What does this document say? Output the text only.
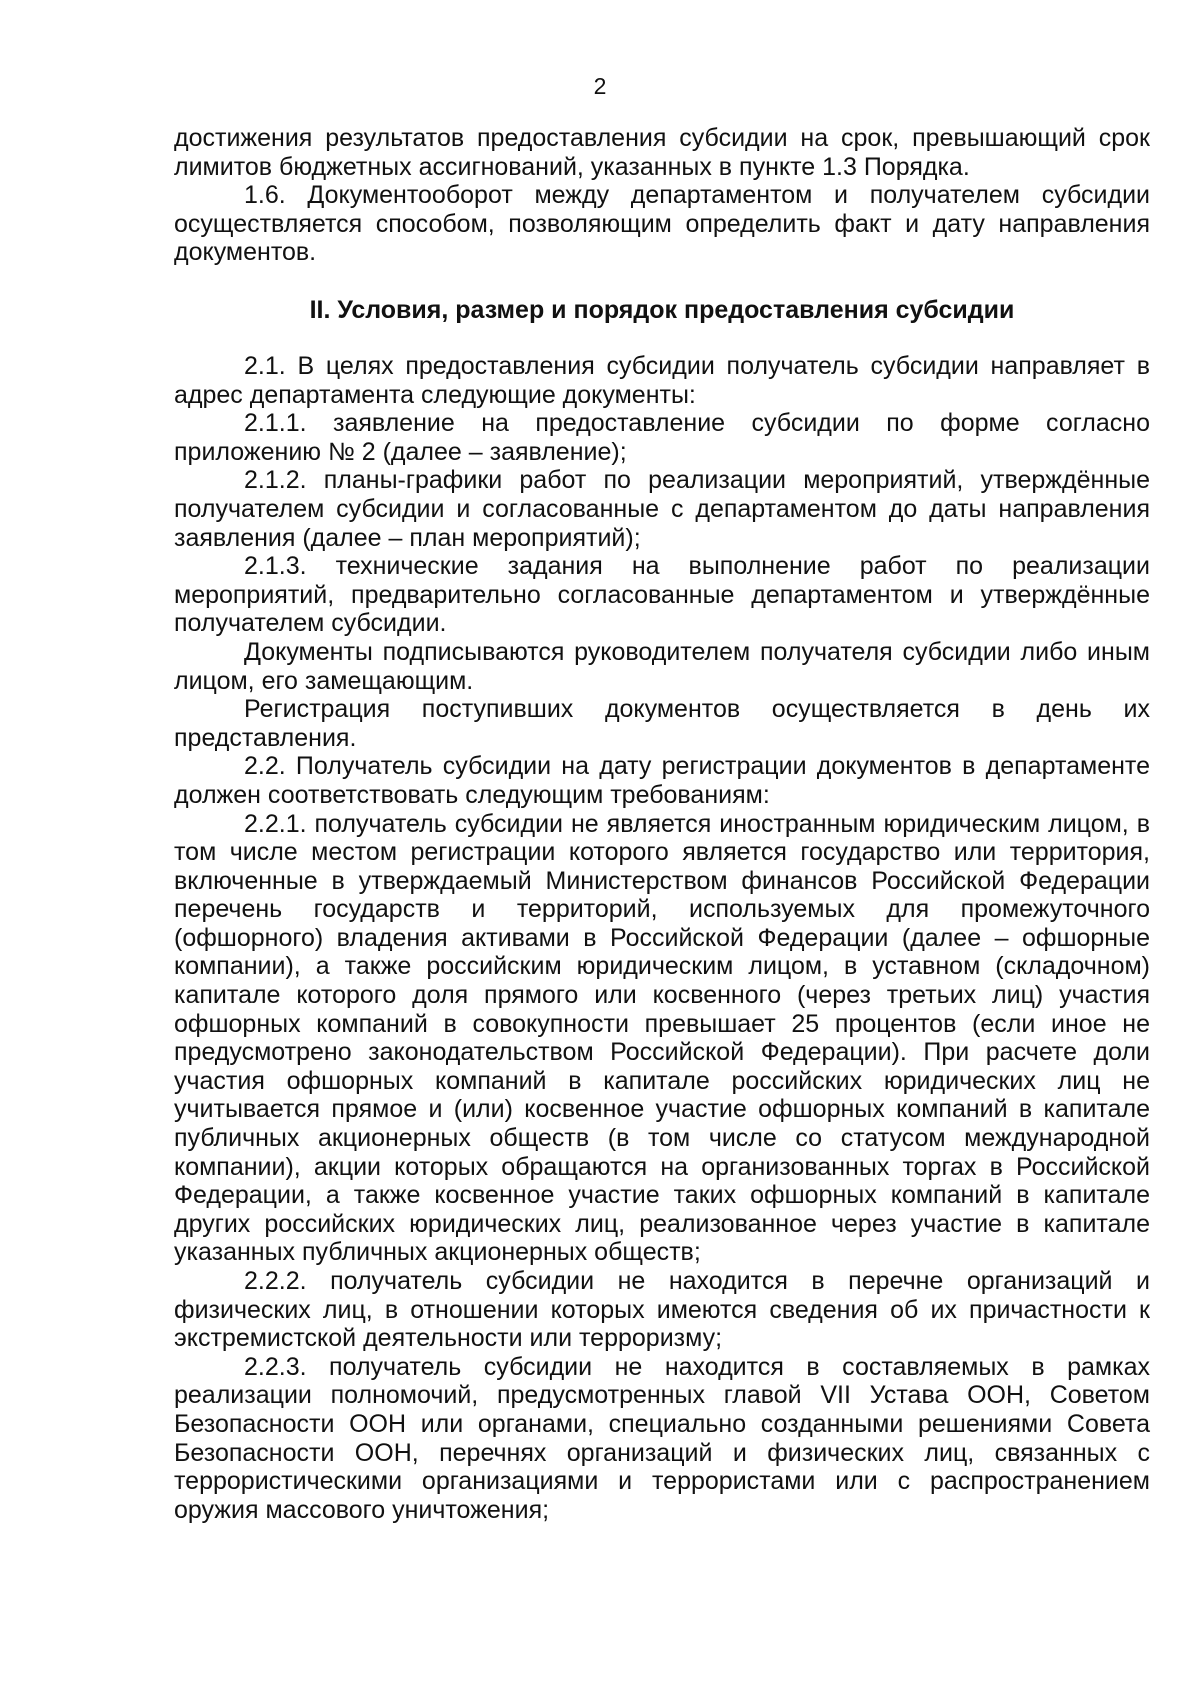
2

достижения результатов предоставления субсидии на срок, превышающий срок лимитов бюджетных ассигнований, указанных в пункте 1.3 Порядка.

1.6. Документооборот между департаментом и получателем субсидии осуществляется способом, позволяющим определить факт и дату направления документов.

II. Условия, размер и порядок предоставления субсидии

2.1. В целях предоставления субсидии получатель субсидии направляет в адрес департамента следующие документы:

2.1.1. заявление на предоставление субсидии по форме согласно приложению № 2 (далее – заявление);

2.1.2. планы-графики работ по реализации мероприятий, утверждённые получателем субсидии и согласованные с департаментом до даты направления заявления (далее – план мероприятий);

2.1.3. технические задания на выполнение работ по реализации мероприятий, предварительно согласованные департаментом и утверждённые получателем субсидии.

Документы подписываются руководителем получателя субсидии либо иным лицом, его замещающим.

Регистрация поступивших документов осуществляется в день их представления.

2.2. Получатель субсидии на дату регистрации документов в департаменте должен соответствовать следующим требованиям:

2.2.1. получатель субсидии не является иностранным юридическим лицом, в том числе местом регистрации которого является государство или территория, включенные в утверждаемый Министерством финансов Российской Федерации перечень государств и территорий, используемых для промежуточного (офшорного) владения активами в Российской Федерации (далее – офшорные компании), а также российским юридическим лицом, в уставном (складочном) капитале которого доля прямого или косвенного (через третьих лиц) участия офшорных компаний в совокупности превышает 25 процентов (если иное не предусмотрено законодательством Российской Федерации). При расчете доли участия офшорных компаний в капитале российских юридических лиц не учитывается прямое и (или) косвенное участие офшорных компаний в капитале публичных акционерных обществ (в том числе со статусом международной компании), акции которых обращаются на организованных торгах в Российской Федерации, а также косвенное участие таких офшорных компаний в капитале других российских юридических лиц, реализованное через участие в капитале указанных публичных акционерных обществ;

2.2.2. получатель субсидии не находится в перечне организаций и физических лиц, в отношении которых имеются сведения об их причастности к экстремистской деятельности или терроризму;

2.2.3. получатель субсидии не находится в составляемых в рамках реализации полномочий, предусмотренных главой VII Устава ООН, Советом Безопасности ООН или органами, специально созданными решениями Совета Безопасности ООН, перечнях организаций и физических лиц, связанных с террористическими организациями и террористами или с распространением оружия массового уничтожения;
